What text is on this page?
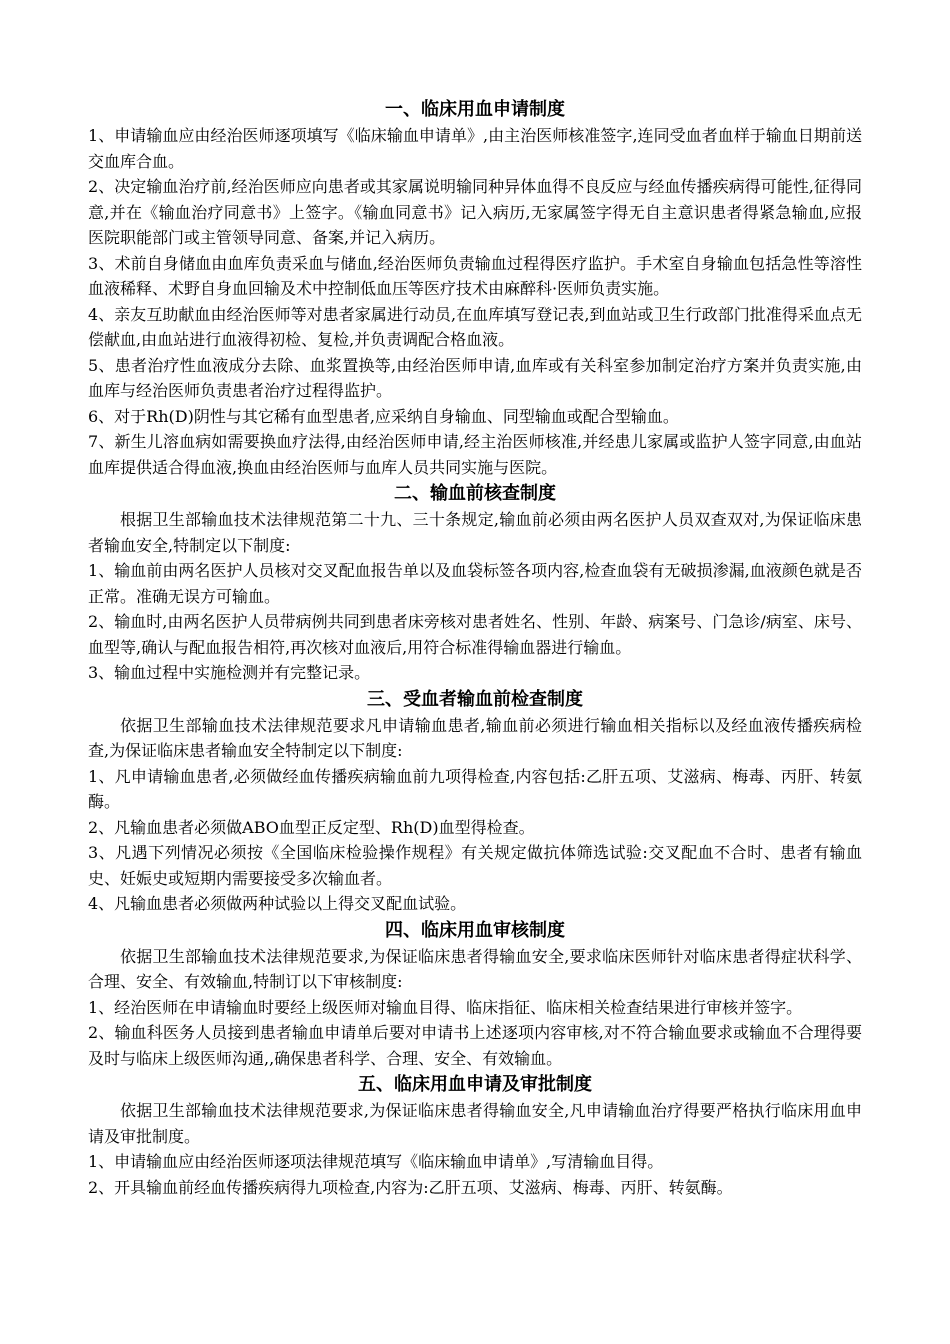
一、临床用血申请制度

1、申请输血应由经治医师逐项填写《临床输血申请单》,由主治医师核准签字,连同受血者血样于输血日期前送交血库合血。

2、决定输血治疗前,经治医师应向患者或其家属说明输同种异体血得不良反应与经血传播疾病得可能性,征得同意,并在《输血治疗同意书》上签字。《输血同意书》记入病历,无家属签字得无自主意识患者得紧急输血,应报医院职能部门或主管领导同意、备案,并记入病历。

3、术前自身储血由血库负责采血与储血,经治医师负责输血过程得医疗监护。手术室自身输血包括急性等溶性血液稀释、术野自身血回输及术中控制低血压等医疗技术由麻醉科·医师负责实施。

4、亲友互助献血由经治医师等对患者家属进行动员,在血库填写登记表,到血站或卫生行政部门批准得采血点无偿献血,由血站进行血液得初检、复检,并负责调配合格血液。

5、患者治疗性血液成分去除、血浆置换等,由经治医师申请,血库或有关科室参加制定治疗方案并负责实施,由血库与经治医师负责患者治疗过程得监护。

6、对于Rh(D)阴性与其它稀有血型患者,应采纳自身输血、同型输血或配合型输血。

7、新生儿溶血病如需要换血疗法得,由经治医师申请,经主治医师核准,并经患儿家属或监护人签字同意,由血站血库提供适合得血液,换血由经治医师与血库人员共同实施与医院。

二、输血前核查制度

根据卫生部输血技术法律规范第二十九、三十条规定,输血前必须由两名医护人员双查双对,为保证临床患者输血安全,特制定以下制度:

1、输血前由两名医护人员核对交叉配血报告单以及血袋标签各项内容,检查血袋有无破损渗漏,血液颜色就是否正常。准确无误方可输血。

2、输血时,由两名医护人员带病例共同到患者床旁核对患者姓名、性别、年龄、病案号、门急诊/病室、床号、血型等,确认与配血报告相符,再次核对血液后,用符合标准得输血器进行输血。

3、输血过程中实施检测并有完整记录。

三、受血者输血前检查制度

依据卫生部输血技术法律规范要求凡申请输血患者,输血前必须进行输血相关指标以及经血液传播疾病检查,为保证临床患者输血安全特制定以下制度:

1、凡申请输血患者,必须做经血传播疾病输血前九项得检查,内容包括:乙肝五项、艾滋病、梅毒、丙肝、转氨酶。

2、凡输血患者必须做ABO血型正反定型、Rh(D)血型得检查。

3、凡遇下列情况必须按《全国临床检验操作规程》有关规定做抗体筛选试验:交叉配血不合时、患者有输血史、妊娠史或短期内需要接受多次输血者。

4、凡输血患者必须做两种试验以上得交叉配血试验。

四、临床用血审核制度

依据卫生部输血技术法律规范要求,为保证临床患者得输血安全,要求临床医师针对临床患者得症状科学、合理、安全、有效输血,特制订以下审核制度:

1、经治医师在申请输血时要经上级医师对输血目得、临床指征、临床相关检查结果进行审核并签字。

2、输血科医务人员接到患者输血申请单后要对申请书上述逐项内容审核,对不符合输血要求或输血不合理得要及时与临床上级医师沟通,,确保患者科学、合理、安全、有效输血。

五、临床用血申请及审批制度

依据卫生部输血技术法律规范要求,为保证临床患者得输血安全,凡申请输血治疗得要严格执行临床用血申请及审批制度。

1、申请输血应由经治医师逐项法律规范填写《临床输血申请单》,写清输血目得。

2、开具输血前经血传播疾病得九项检查,内容为:乙肝五项、艾滋病、梅毒、丙肝、转氨酶。
